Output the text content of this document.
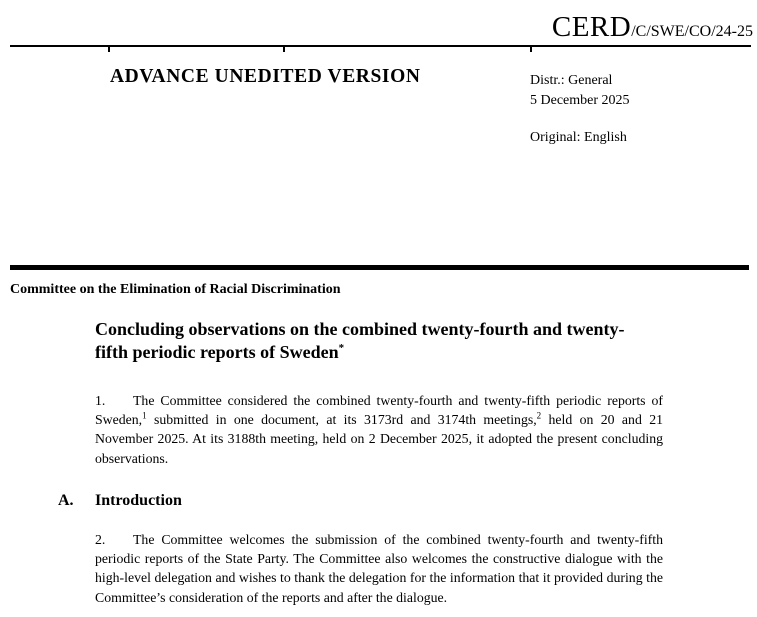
CERD/C/SWE/CO/24-25
ADVANCE UNEDITED VERSION	Distr.: General
5 December 2025
Original: English
Committee on the Elimination of Racial Discrimination
Concluding observations on the combined twenty-fourth and twenty-fifth periodic reports of Sweden*

1. The Committee considered the combined twenty-fourth and twenty-fifth periodic reports of Sweden,$^1$ submitted in one document, at its 3173rd and 3174th meetings,$^2$ held on 20 and 21 November 2025. At its 3188th meeting, held on 2 December 2025, it adopted the present concluding observations.

A. Introduction

2. The Committee welcomes the submission of the combined twenty-fourth and twenty-fifth periodic reports of the State Party. The Committee also welcomes the constructive dialogue with the high-level delegation and wishes to thank the delegation for the information that it provided during the Committee’s consideration of the reports and after the dialogue.
